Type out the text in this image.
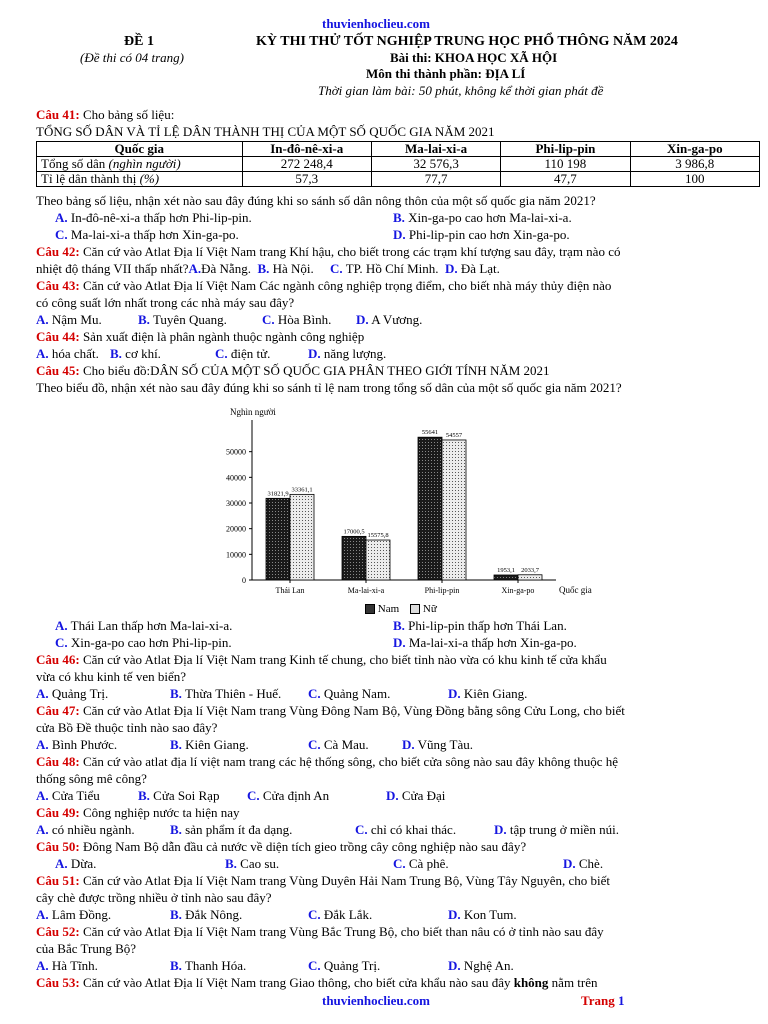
thuvienhoclieu.com
ĐỀ 1
(Đề thi có 04 trang)
KỲ THI THỬ TỐT NGHIỆP TRUNG HỌC PHỔ THÔNG NĂM 2024
Bài thi: KHOA HỌC XÃ HỘI
Môn thi thành phần: ĐỊA LÍ
Thời gian làm bài: 50 phút, không kể thời gian phát đề
Câu 41: Cho bảng số liệu:
TỔNG SỐ DÂN VÀ TỈ LỆ DÂN THÀNH THỊ CỦA MỘT SỐ QUỐC GIA NĂM 2021
Quốc gia	In-đô-nê-xi-a	Ma-lai-xi-a	Phi-lip-pin	Xin-ga-po
Tổng số dân (nghìn người)	272 248,4	32 576,3	110 198	3 986,8
Tỉ lệ dân thành thị (%)	57,3	77,7	47,7	100
Theo bảng số liệu, nhận xét nào sau đây đúng khi so sánh số dân nông thôn của một số quốc gia năm 2021?
A. In-đô-nê-xi-a thấp hơn Phi-lip-pin.	B. Xin-ga-po cao hơn Ma-lai-xi-a.
C. Ma-lai-xi-a thấp hơn Xin-ga-po.	D. Phi-lip-pin cao hơn Xin-ga-po.
Câu 42: Căn cứ vào Atlat Địa lí Việt Nam trang Khí hậu, cho biết trong các trạm khí tượng sau đây, trạm nào có
nhiệt độ tháng VII thấp nhất?A.Đà Nẵng. B. Hà Nội. C. TP. Hồ Chí Minh. D. Đà Lạt.
Câu 43: Căn cứ vào Atlat Địa lí Việt Nam Các ngành công nghiệp trọng điểm, cho biết nhà máy thủy điện nào
có công suất lớn nhất trong các nhà máy sau đây?
A. Nậm Mu.	B. Tuyên Quang.	C. Hòa Bình. D. A Vương.
Câu 44: Sản xuất điện là phân ngành thuộc ngành công nghiệp
A. hóa chất. B. cơ khí.	C. điện tử.	D. năng lượng.
Câu 45: Cho biểu đồ:DÂN SỐ CỦA MỘT SỐ QUỐC GIA PHÂN THEO GIỚI TÍNH NĂM 2021
Theo biểu đồ, nhận xét nào sau đây đúng khi so sánh tỉ lệ nam trong tổng số dân của một số quốc gia năm 2021?
Nghìn người
Quốc gia
0
10000
20000
30000
40000
50000
31821,9
33361,1
Thái Lan
17000,5
15575,8
Ma-lai-xi-a
55641 54557
Phi-lip-pin
1953,1 2033,7
Xin-ga-po
Nam Nữ
A. Thái Lan thấp hơn Ma-lai-xi-a.	B. Phi-lip-pin thấp hơn Thái Lan.
C. Xin-ga-po cao hơn Phi-lip-pin.	D. Ma-lai-xi-a thấp hơn Xin-ga-po.
Câu 46: Căn cứ vào Atlat Địa lí Việt Nam trang Kinh tế chung, cho biết tỉnh nào vừa có khu kinh tế cửa khẩu
vừa có khu kinh tế ven biển?
A. Quảng Trị.	B. Thừa Thiên - Huế. C. Quảng Nam.	D. Kiên Giang.
Câu 47: Căn cứ vào Atlat Địa lí Việt Nam trang Vùng Đông Nam Bộ, Vùng Đồng bằng sông Cửu Long, cho biết
cửa Bồ Đề thuộc tỉnh nào sao đây?
A. Bình Phước.	B. Kiên Giang.	C. Cà Mau.	D. Vũng Tàu.
Câu 48: Căn cứ vào atlat địa lí việt nam trang các hệ thống sông, cho biết cửa sông nào sau đây không thuộc hệ
thống sông mê công?
A. Cửa Tiểu	B. Cửa Soi Rạp C. Cửa định An	D. Cửa Đại
Câu 49: Công nghiệp nước ta hiện nay
A. có nhiều ngành.	B. sản phẩm ít đa dạng.	C. chỉ có khai thác.	D. tập trung ở miền núi.
Câu 50: Đông Nam Bộ dẫn đầu cả nước về diện tích gieo trồng cây công nghiệp nào sau đây?
A. Dừa.	B. Cao su.	C. Cà phê.	D. Chè.
Câu 51: Căn cứ vào Atlat Địa lí Việt Nam trang Vùng Duyên Hải Nam Trung Bộ, Vùng Tây Nguyên, cho biết
cây chè được trồng nhiều ở tỉnh nào sau đây?
A. Lâm Đồng.	B. Đắk Nông.	C. Đắk Lắk.	D. Kon Tum.
Câu 52: Căn cứ vào Atlat Địa lí Việt Nam trang Vùng Bắc Trung Bộ, cho biết than nâu có ở tỉnh nào sau đây
của Bắc Trung Bộ?
A. Hà Tĩnh.	B. Thanh Hóa.	C. Quảng Trị.	D. Nghệ An.
Câu 53: Căn cứ vào Atlat Địa lí Việt Nam trang Giao thông, cho biết cửa khẩu nào sau đây không nằm trên
thuvienhoclieu.com	Trang 1
